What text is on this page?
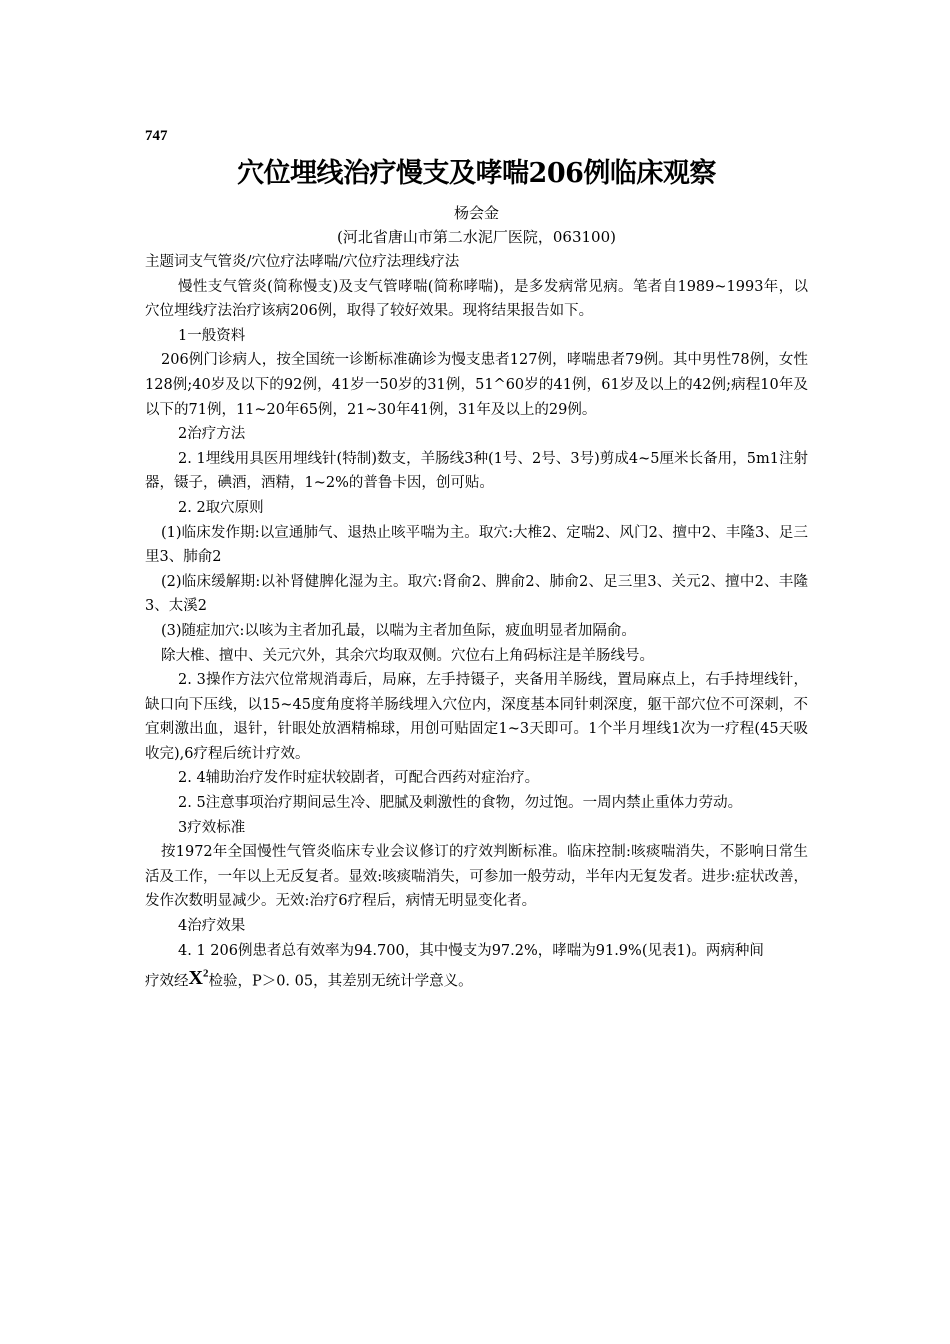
747

穴位埋线治疗慢支及哮喘206例临床观察

杨会金

(河北省唐山市第二水泥厂医院，063100)

主题词支气管炎/穴位疗法哮喘/穴位疗法理线疗法

慢性支气管炎(简称慢支)及支气管哮喘(简称哮喘)，是多发病常见病。笔者自1989~1993年，以穴位埋线疗法治疗该病206例，取得了较好效果。现将结果报告如下。

1一般资料

206例门诊病人，按全国统一诊断标准确诊为慢支患者127例，哮喘患者79例。其中男性78例，女性128例;40岁及以下的92例，41岁一50岁的31例，51^60岁的41例，61岁及以上的42例;病程10年及以下的71例，11~20年65例，21~30年41例，31年及以上的29例。

2治疗方法

2. 1埋线用具医用埋线针(特制)数支，羊肠线3种(1号、2号、3号)剪成4~5厘米长备用，5m1注射器，镊子，碘酒，酒精，1~2%的普鲁卡因，创可贴。

2. 2取穴原则

(1)临床发作期:以宣通肺气、退热止咳平喘为主。取穴:大椎2、定喘2、风门2、擅中2、丰隆3、足三里3、肺俞2

(2)临床缓解期:以补肾健脾化湿为主。取穴:肾俞2、脾俞2、肺俞2、足三里3、关元2、擅中2、丰隆3、太溪2

(3)随症加穴:以咳为主者加孔最，以喘为主者加鱼际，疲血明显者加隔俞。

除大椎、擅中、关元穴外，其余穴均取双侧。穴位右上角码标注是羊肠线号。

2. 3操作方法穴位常规消毒后，局麻，左手持镊子，夹备用羊肠线，置局麻点上，右手持埋线针，缺口向下压线，以15~45度角度将羊肠线埋入穴位内，深度基本同针刺深度，躯干部穴位不可深刺，不宜刺激出血，退针，针眼处放酒精棉球，用创可贴固定1~3天即可。1个半月埋线1次为一疗程(45天吸收完),6疗程后统计疗效。

2. 4辅助治疗发作时症状较剧者，可配合西药对症治疗。

2. 5注意事项治疗期间忌生冷、肥腻及刺激性的食物，勿过饱。一周内禁止重体力劳动。

3疗效标准

按1972年全国慢性气管炎临床专业会议修订的疗效判断标准。临床控制:咳痰喘消失，不影响日常生活及工作，一年以上无反复者。显效:咳痰喘消失，可参加一般劳动，半年内无复发者。进步:症状改善，发作次数明显减少。无效:治疗6疗程后，病情无明显变化者。

4治疗效果

4. 1 206例患者总有效率为94.700，其中慢支为97.2%，哮喘为91.9%(见表1)。两病种间

疗效经$X^2$检验，P＞0. 05，其差别无统计学意义。
